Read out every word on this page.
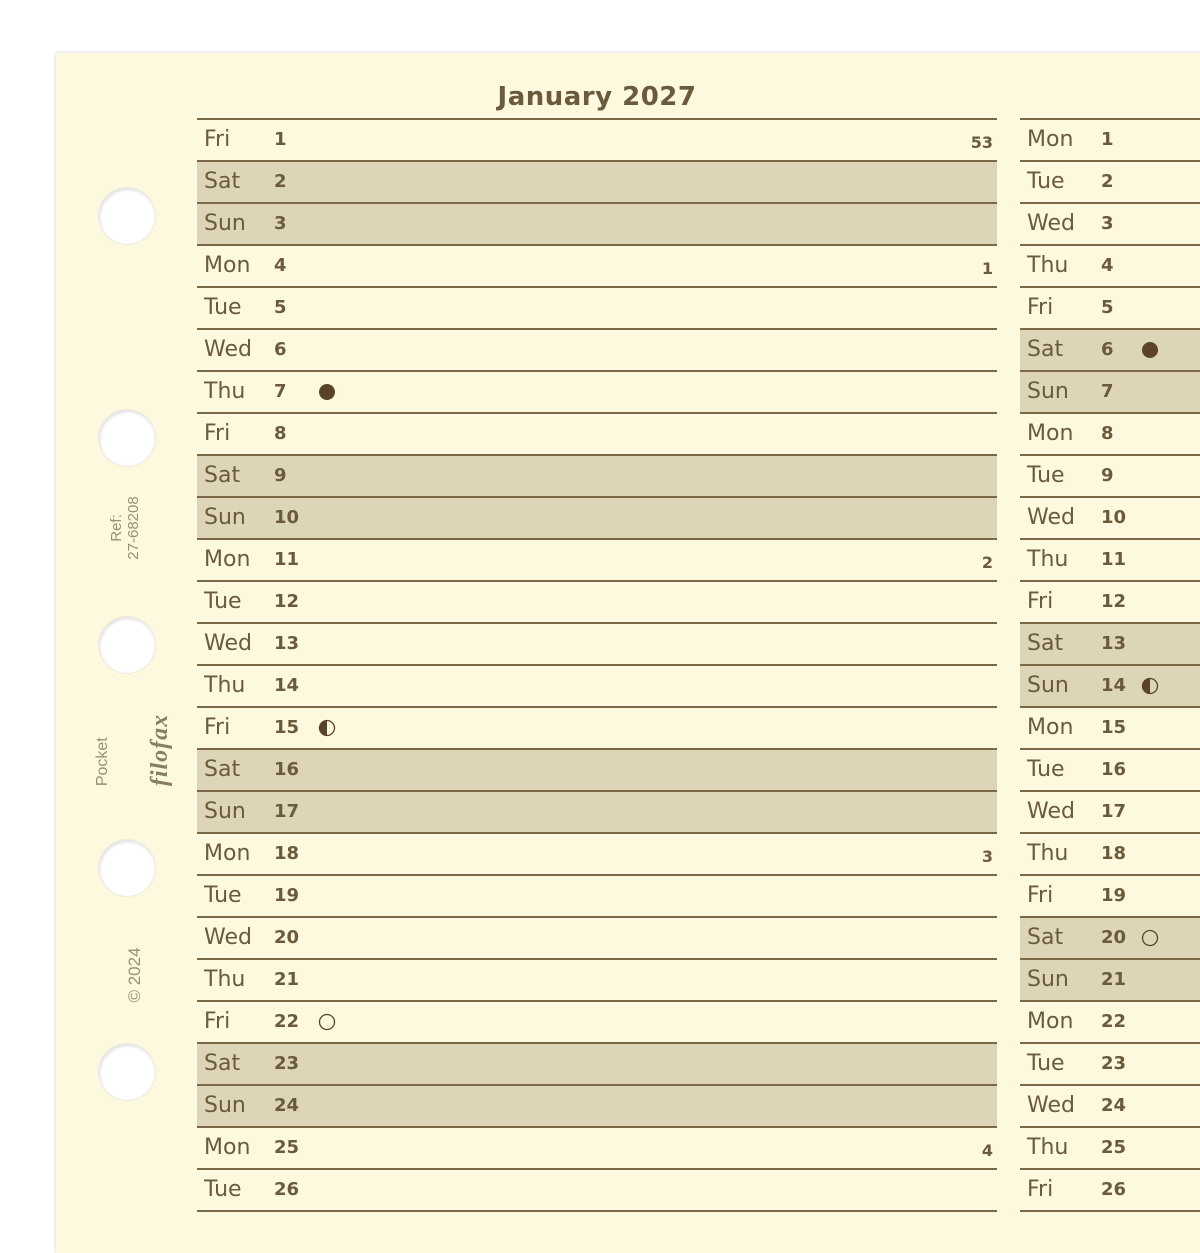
Ref:
27-68208

Pocket

filofax

© 2024
January 2027
Fri 1	53
Sat 2
Sun 3
Mon 4	1
Tue 5
Wed 6
Thu 7
Fri 8
Sat 9
Sun 10
Mon 11	2
Tue 12
Wed 13
Thu 14
Fri 15
Sat 16
Sun 17
Mon 18	3
Tue 19
Wed 20
Thu 21
Fri 22
Sat 23
Sun 24
Mon 25	4
Tue 26
Mon 1
Tue 2
Wed 3
Thu 4
Fri	5
Sat 6
Sun 7
Mon 8
Tue 9
Wed 10
Thu 11
Fri	12
Sat 13
Sun 14
Mon 15
Tue 16
Wed 17
Thu 18
Fri	19
Sat 20
Sun 21
Mon 22
Tue 23
Wed 24
Thu 25
Fri	26
